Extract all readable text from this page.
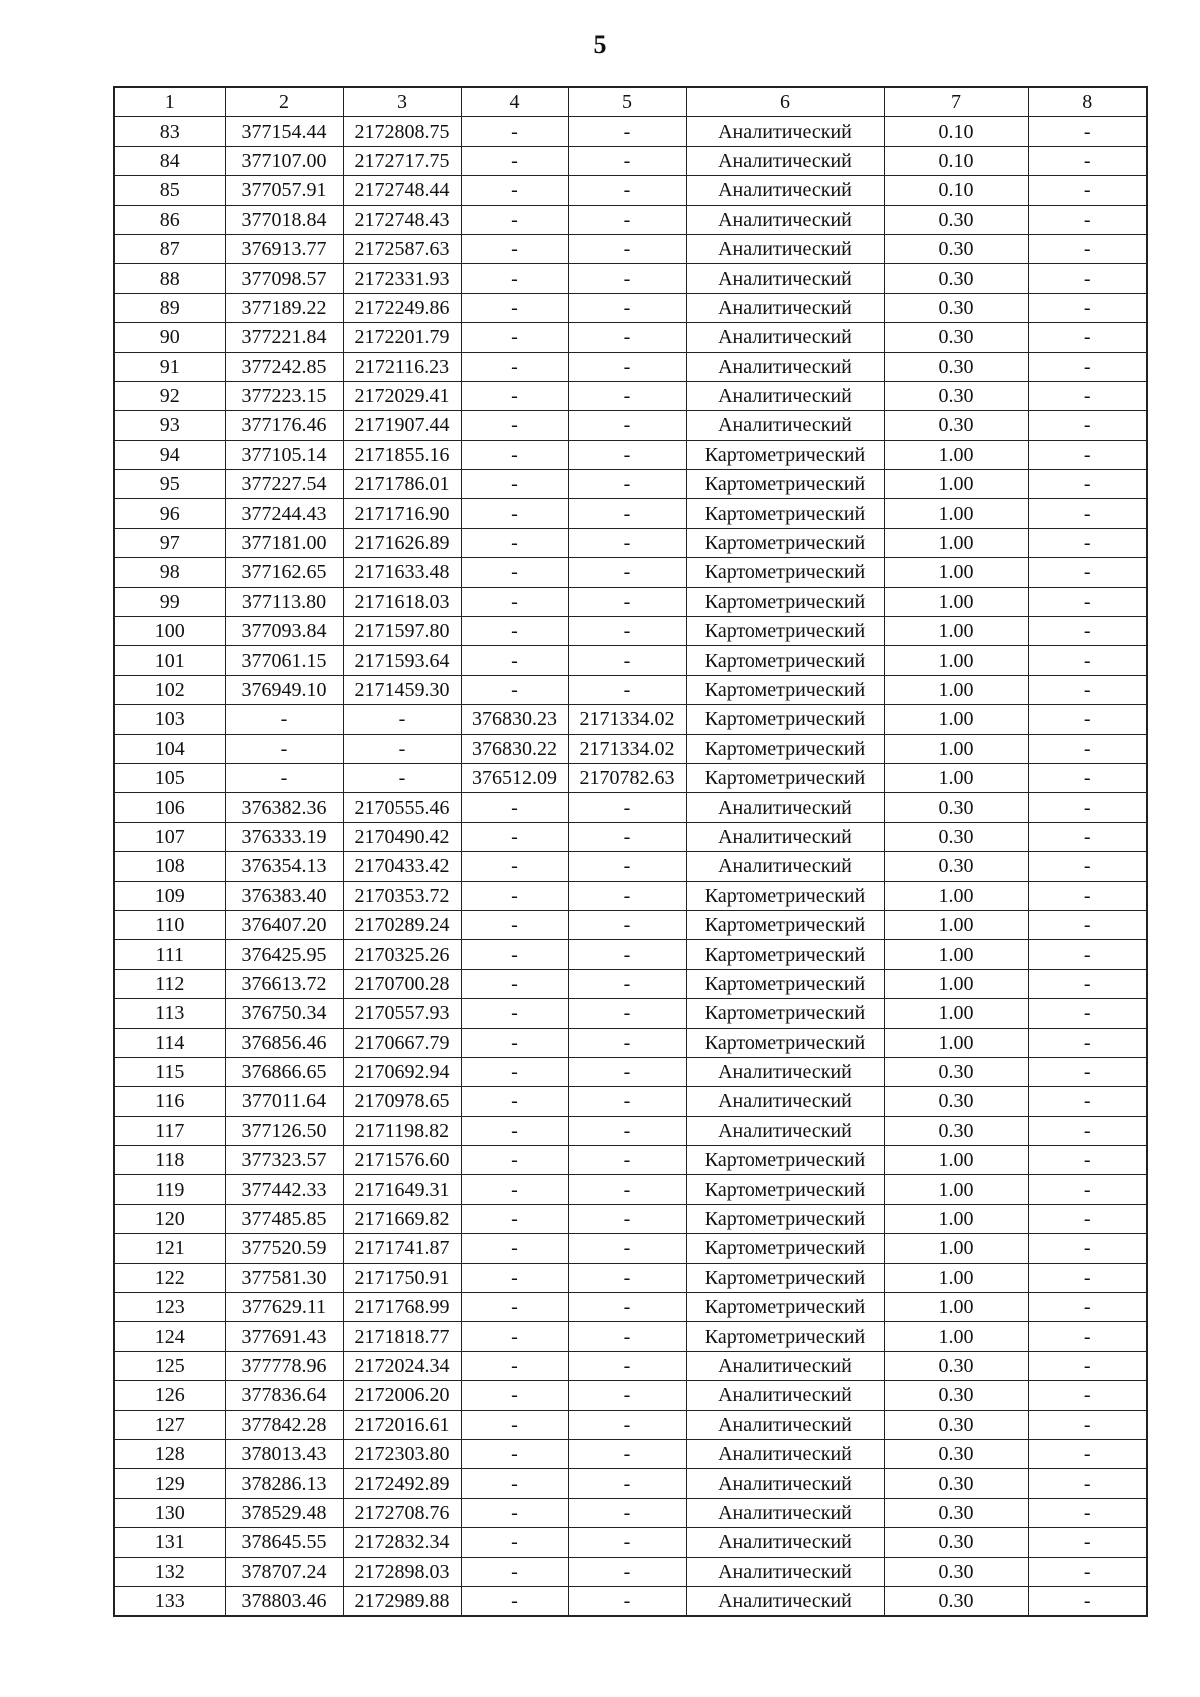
5
1	2	3	4	5	6	7	8
83	377154.44	2172808.75	-	-	Аналитический	0.10	-
84	377107.00	2172717.75	-	-	Аналитический	0.10	-
85	377057.91	2172748.44	-	-	Аналитический	0.10	-
86	377018.84	2172748.43	-	-	Аналитический	0.30	-
87	376913.77	2172587.63	-	-	Аналитический	0.30	-
88	377098.57	2172331.93	-	-	Аналитический	0.30	-
89	377189.22	2172249.86	-	-	Аналитический	0.30	-
90	377221.84	2172201.79	-	-	Аналитический	0.30	-
91	377242.85	2172116.23	-	-	Аналитический	0.30	-
92	377223.15	2172029.41	-	-	Аналитический	0.30	-
93	377176.46	2171907.44	-	-	Аналитический	0.30	-
94	377105.14	2171855.16	-	-	Картометрический	1.00	-
95	377227.54	2171786.01	-	-	Картометрический	1.00	-
96	377244.43	2171716.90	-	-	Картометрический	1.00	-
97	377181.00	2171626.89	-	-	Картометрический	1.00	-
98	377162.65	2171633.48	-	-	Картометрический	1.00	-
99	377113.80	2171618.03	-	-	Картометрический	1.00	-
100	377093.84	2171597.80	-	-	Картометрический	1.00	-
101	377061.15	2171593.64	-	-	Картометрический	1.00	-
102	376949.10	2171459.30	-	-	Картометрический	1.00	-
103	-	-	376830.23	2171334.02	Картометрический	1.00	-
104	-	-	376830.22	2171334.02	Картометрический	1.00	-
105	-	-	376512.09	2170782.63	Картометрический	1.00	-
106	376382.36	2170555.46	-	-	Аналитический	0.30	-
107	376333.19	2170490.42	-	-	Аналитический	0.30	-
108	376354.13	2170433.42	-	-	Аналитический	0.30	-
109	376383.40	2170353.72	-	-	Картометрический	1.00	-
110	376407.20	2170289.24	-	-	Картометрический	1.00	-
111	376425.95	2170325.26	-	-	Картометрический	1.00	-
112	376613.72	2170700.28	-	-	Картометрический	1.00	-
113	376750.34	2170557.93	-	-	Картометрический	1.00	-
114	376856.46	2170667.79	-	-	Картометрический	1.00	-
115	376866.65	2170692.94	-	-	Аналитический	0.30	-
116	377011.64	2170978.65	-	-	Аналитический	0.30	-
117	377126.50	2171198.82	-	-	Аналитический	0.30	-
118	377323.57	2171576.60	-	-	Картометрический	1.00	-
119	377442.33	2171649.31	-	-	Картометрический	1.00	-
120	377485.85	2171669.82	-	-	Картометрический	1.00	-
121	377520.59	2171741.87	-	-	Картометрический	1.00	-
122	377581.30	2171750.91	-	-	Картометрический	1.00	-
123	377629.11	2171768.99	-	-	Картометрический	1.00	-
124	377691.43	2171818.77	-	-	Картометрический	1.00	-
125	377778.96	2172024.34	-	-	Аналитический	0.30	-
126	377836.64	2172006.20	-	-	Аналитический	0.30	-
127	377842.28	2172016.61	-	-	Аналитический	0.30	-
128	378013.43	2172303.80	-	-	Аналитический	0.30	-
129	378286.13	2172492.89	-	-	Аналитический	0.30	-
130	378529.48	2172708.76	-	-	Аналитический	0.30	-
131	378645.55	2172832.34	-	-	Аналитический	0.30	-
132	378707.24	2172898.03	-	-	Аналитический	0.30	-
133	378803.46	2172989.88	-	-	Аналитический	0.30	-
